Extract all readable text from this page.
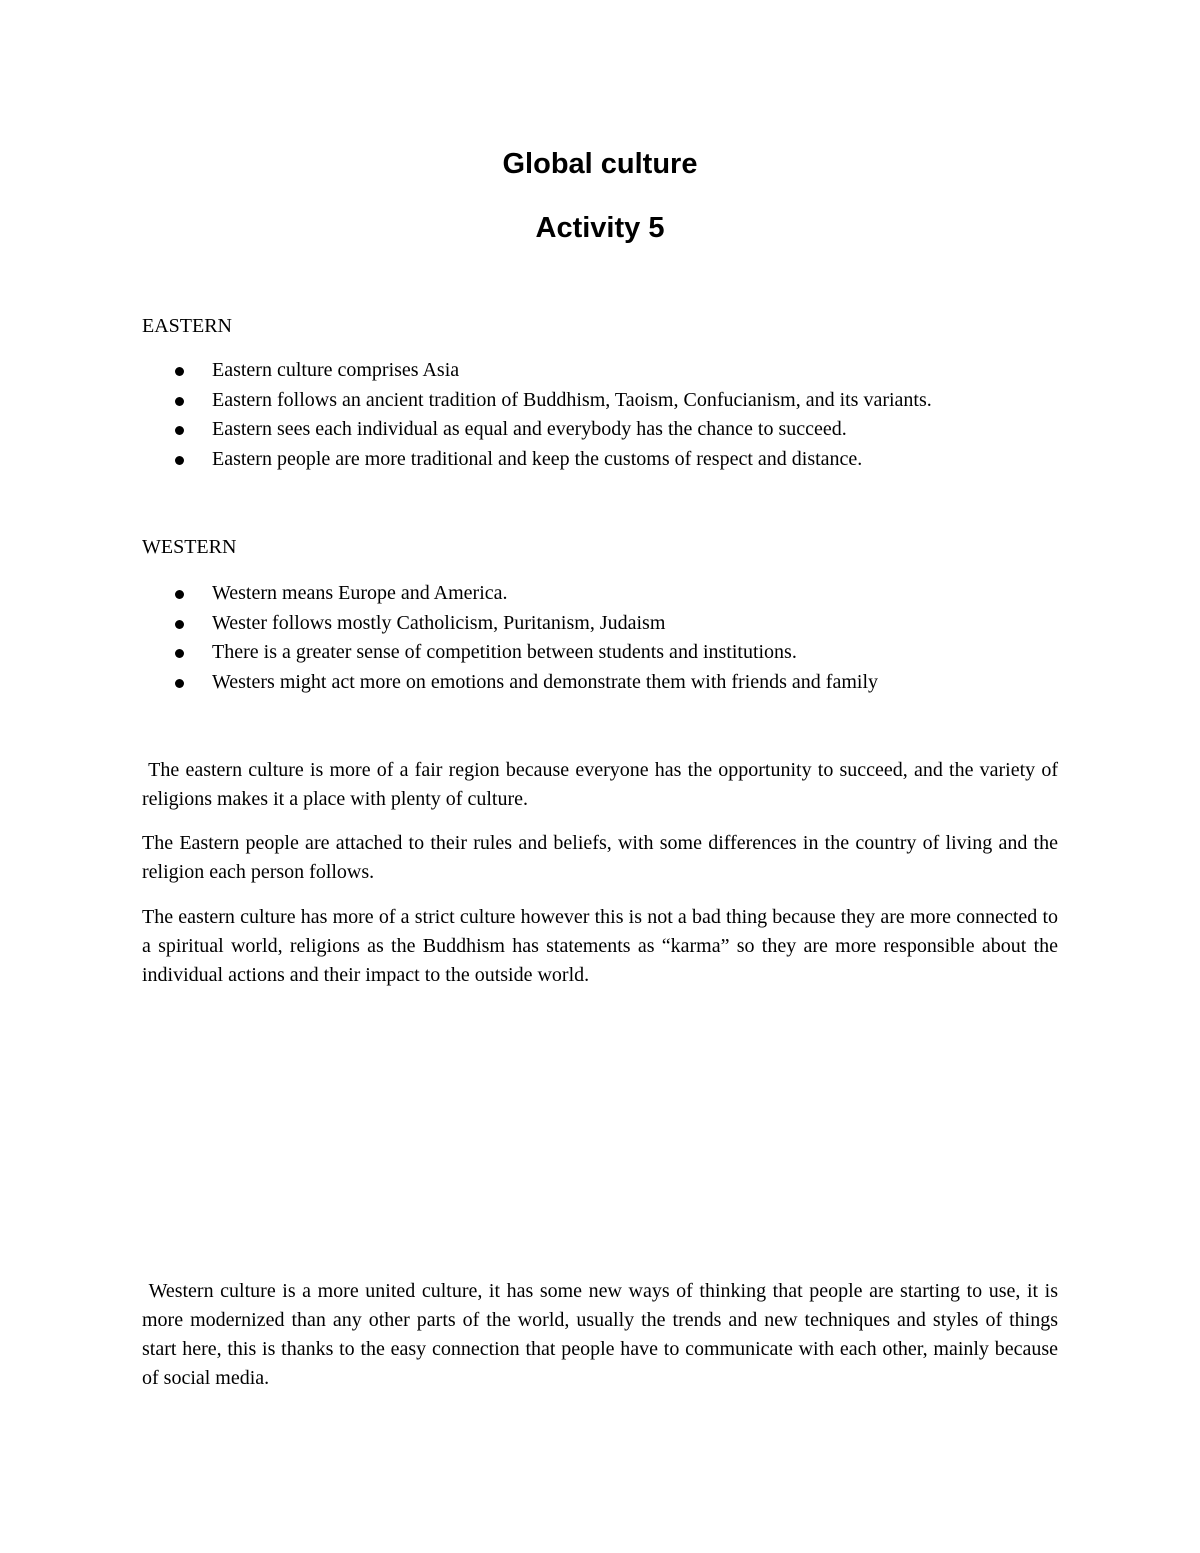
Global culture
Activity 5

EASTERN

Eastern culture comprises Asia
Eastern follows an ancient tradition of Buddhism, Taoism, Confucianism, and its variants.
Eastern sees each individual as equal and everybody has the chance to succeed.
Eastern people are more traditional and keep the customs of respect and distance.

WESTERN

Western means Europe and America.
Wester follows mostly Catholicism, Puritanism, Judaism
There is a greater sense of competition between students and institutions.
Westers might act more on emotions and demonstrate them with friends and family

The eastern culture is more of a fair region because everyone has the opportunity to succeed, and the variety of religions makes it a place with plenty of culture.

The Eastern people are attached to their rules and beliefs, with some differences in the country of living and the religion each person follows.

The eastern culture has more of a strict culture however this is not a bad thing because they are more connected to a spiritual world, religions as the Buddhism has statements as “karma” so they are more responsible about the individual actions and their impact to the outside world.

Western culture is a more united culture, it has some new ways of thinking that people are starting to use, it is more modernized than any other parts of the world, usually the trends and new techniques and styles of things start here, this is thanks to the easy connection that people have to communicate with each other, mainly because of social media.
